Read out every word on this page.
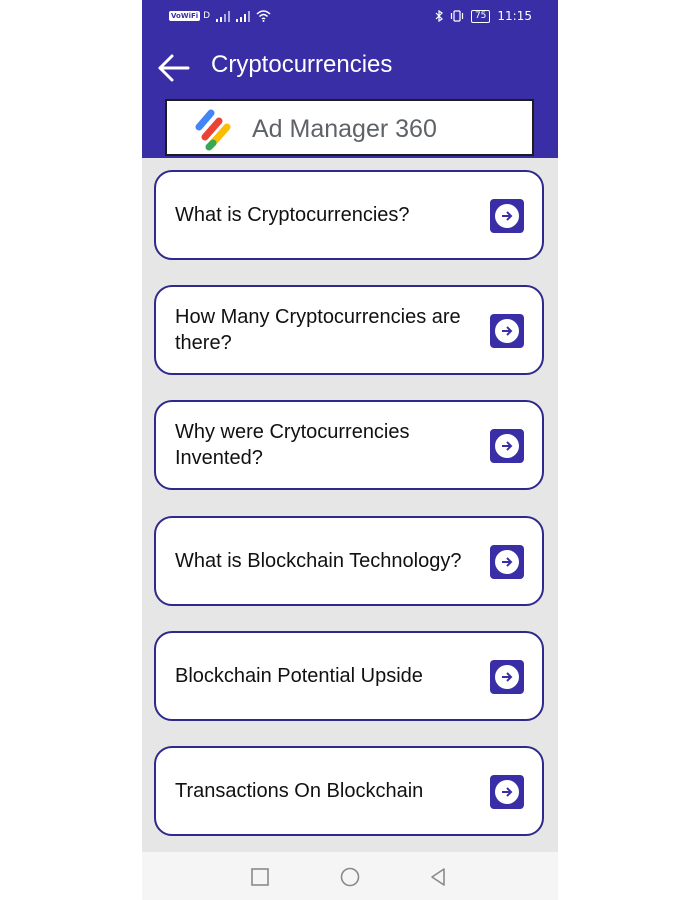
VoWiFi D	75 11:15
Cryptocurrencies
Ad Manager 360
What is Cryptocurrencies?
How Many Cryptocurrencies are there?
Why were Crytocurrencies Invented?
What is Blockchain Technology?
Blockchain Potential Upside
Transactions On Blockchain
